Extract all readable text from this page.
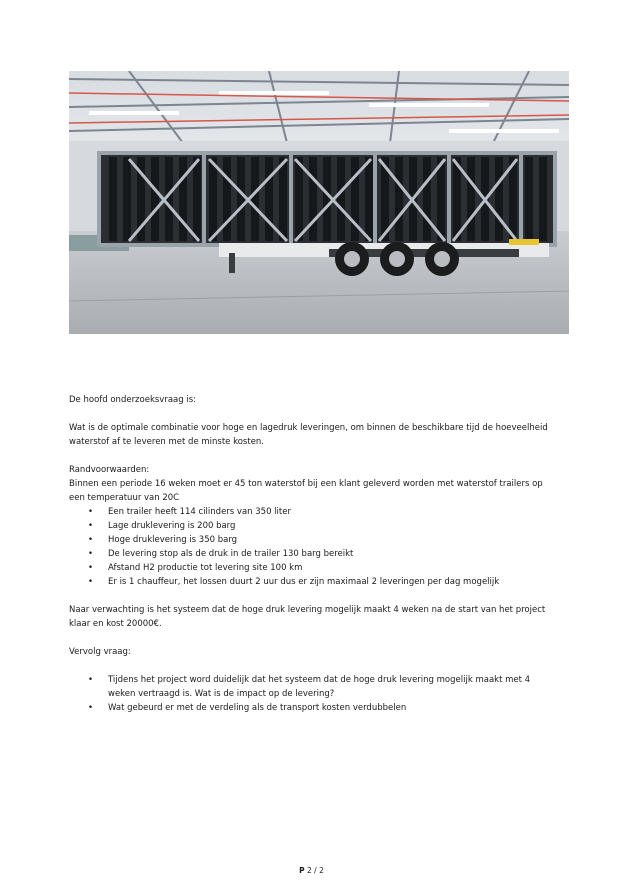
De hoofd onderzoeksvraag is:

Wat is de optimale combinatie voor hoge en lagedruk leveringen, om binnen de beschikbare tijd de hoeveelheid waterstof af te leveren met de minste kosten.

Randvoorwaarden:

Binnen een periode 16 weken moet er 45 ton waterstof bij een klant geleverd worden met waterstof trailers op een temperatuur van 20C

• Een trailer heeft 114 cilinders van 350 liter
• Lage druklevering is 200 barg
• Hoge druklevering is 350 barg
• De levering stop als de druk in de trailer 130 barg bereikt
• Afstand H2 productie tot levering site 100 km
• Er is 1 chauffeur, het lossen duurt 2 uur dus er zijn maximaal 2 leveringen per dag mogelijk

Naar verwachting is het systeem dat de hoge druk levering mogelijk maakt 4 weken na de start van het project klaar en kost 20000€.

Vervolg vraag:

• Tijdens het project word duidelijk dat het systeem dat de hoge druk levering mogelijk maakt met 4 weken vertraagd is. Wat is de impact op de levering?
• Wat gebeurd er met de verdeling als de transport kosten verdubbelen
P 2 / 2
